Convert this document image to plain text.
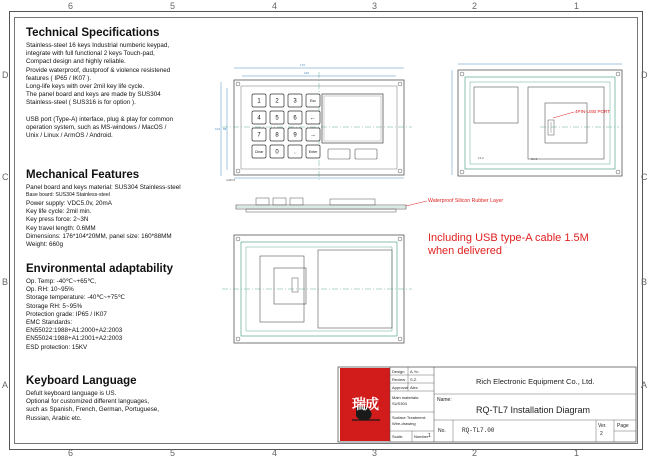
6	5	4	3	2	1
6	5	4	3	2	1
D
C
B
A
D
C
B
A
Technical Specifications
Stainless-steel 16 keys Industrial numberic keypad,
integrate with full functional 2 keys Touch-pad,
Compact design and highly reliable.
Provide waterproof, dustproof & violence resistened
features ( IP65 / IK07 ).
Long-life keys with over 2mil key life cycle.
The panel board and keys are made by SUS304
Stainless-steel ( SUS316 is for option ).

USB port (Type-A) interface, plug & play for common
operation system, such as MS-windows / MacOS /
Unix / Linux / ArmOS / Android.
Mechanical Features
Panel board and keys material: SUS304 Stainless-steel
Base board: SUS304 Stainless-steel
Power supply: VDC5.0v, 20mA
Key life cycle: 2mil min.
Key press force: 2~3N
Key travel length: 0.6MM
Dimensions: 176*104*20MM, panel size: 160*88MM
Weight: 660g
Environmental adaptability
Op. Temp: -40℃~+65℃,
Op. RH: 10~95%
Storage temperature: -40℃~+75℃
Storage RH: 5~95%
Protection grade: IP65 / IK07
EMC Standards:
EN55022:1988+A1:2000+A2:2003
EN55024:1988+A1:2001+A2:2003
ESD protection: 15KV
Keyboard Language
Defult keyboard language is US.
Optional for customized different languages,
such as Spanish, French, German, Portuguese,
Russian, Arabic etc.
1 2 3	Esc
4 5 6 ←
7 8 9 →
Clear 0	.	Enter
176
160
104 88
4-Ø3.5
R1.5
13.2
4PIN-USB PORT
Waterproof Silicon Rubber Layer
Including USB type-A cable 1.5M
when delivered
瑞成
Design A.Yu
Review S.Z.
Approval Alex
Main materials:
SUS304
Surface Treatment:
Wire-drawing
Scale:	Number 1
Rich Electronic Equipment Co., Ltd.
Name:
RQ-TL7 Installation Diagram
No.	RQ-TL7.00
Ver.
2
Page
